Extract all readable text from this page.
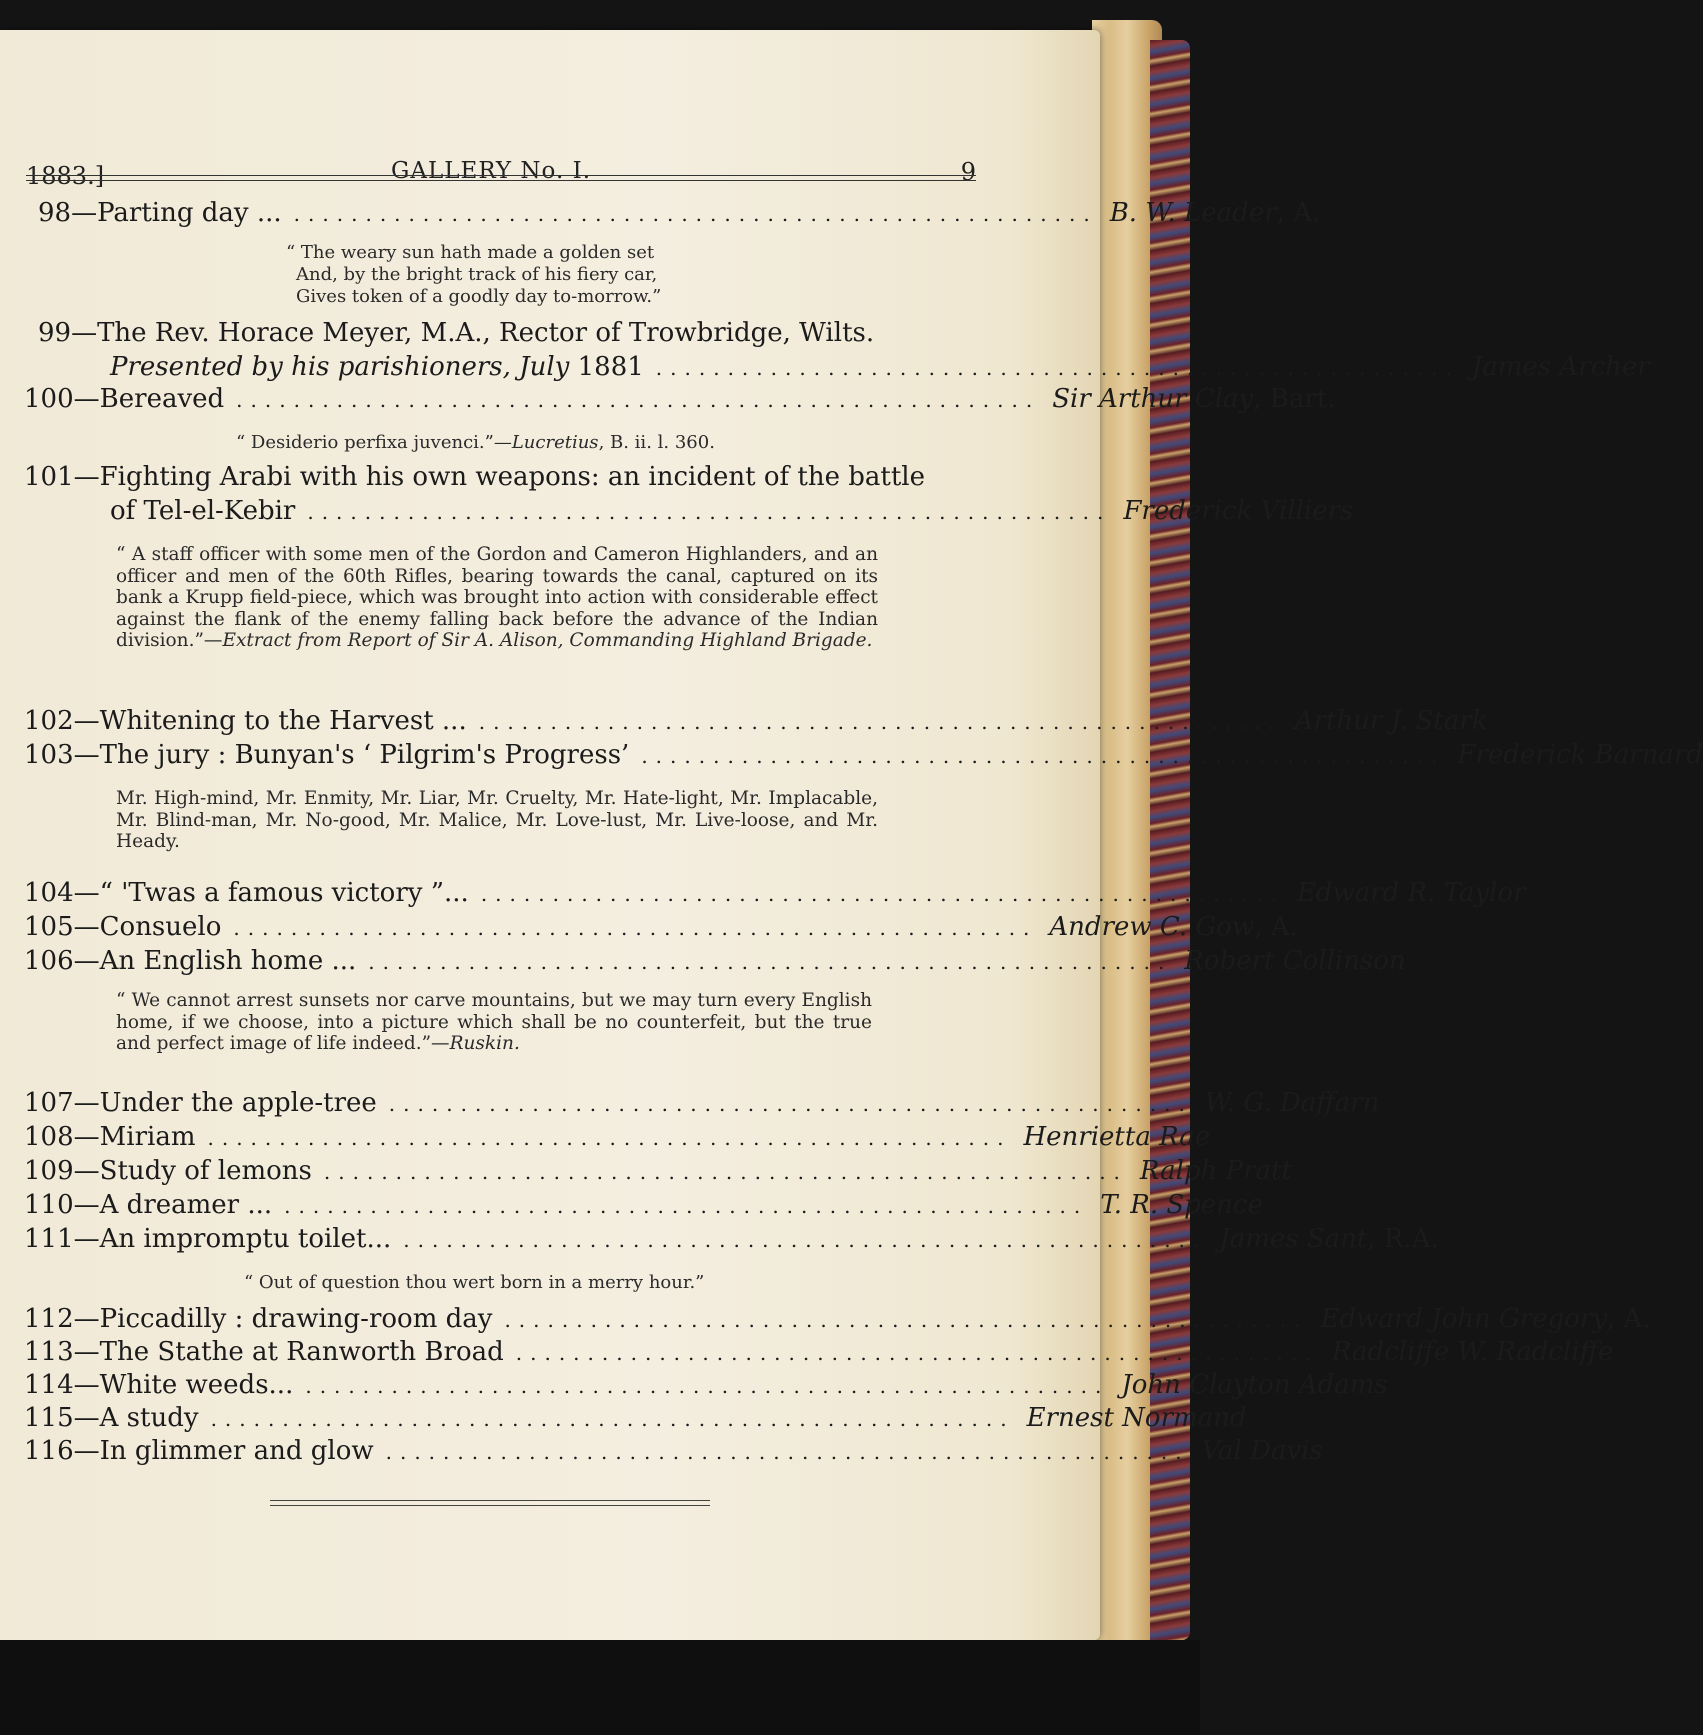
1883.]	GALLERY No. I.	9
98 — Parting day ... ........................................................ B. W. Leader , A.
“ The weary sun hath made a golden set
And, by the bright track of his fiery car,
Gives token of a goodly day to-morrow.”
99 — The Rev. Horace Meyer, M.A., Rector of Trowbridge, Wilts.
Presented by his parishioners, July
1881 ........................................................ James Archer
100 — Bereaved ........................................................ Sir Arthur Clay , Bart.
“ Desiderio perfixa juvenci.”—Lucretius, B. ii. l. 360.
101 — Fighting Arabi with his own weapons: an incident of the battle
of Tel-el-Kebir ........................................................ Frederick Villiers
“ A staff officer with some men of the Gordon and Cameron Highlanders, and an officer and men of the 60th Rifles, bearing towards the canal, captured on its bank a Krupp field-piece, which was brought into action with considerable effect against the flank of the enemy falling back before the advance of the Indian division.”—Extract from Report of Sir A. Alison, Commanding Highland Brigade.
102 — Whitening to the Harvest ... ........................................................ Arthur J. Stark
103 — The jury : Bunyan's ‘ Pilgrim's Progress’ ........................................................ Frederick Barnard
Mr. High-mind, Mr. Enmity, Mr. Liar, Mr. Cruelty, Mr. Hate-light, Mr. Implacable, Mr. Blind-man, Mr. No-good, Mr. Malice, Mr. Love-lust, Mr. Live-loose, and Mr. Heady.
104 — “ 'Twas a famous victory ”... ........................................................ Edward R. Taylor
105 — Consuelo ........................................................ Andrew C. Gow , A.
106 — An English home ... ........................................................ Robert Collinson
“ We cannot arrest sunsets nor carve mountains, but we may turn every English home, if we choose, into a picture which shall be no counterfeit, but the true and perfect image of life indeed.”—Ruskin.
107 — Under the apple-tree ........................................................ W. G. Daffarn
108 — Miriam ........................................................ Henrietta Rae
109 — Study of lemons ........................................................ Ralph Pratt
110 — A dreamer ... ........................................................ T. R. Spence
111 — An impromptu toilet... ........................................................ James Sant , R.A.
“ Out of question thou wert born in a merry hour.”
112 — Piccadilly : drawing-room day ........................................................ Edward John Gregory , A.
113 — The Stathe at Ranworth Broad ........................................................ Radcliffe W. Radcliffe
114 — White weeds... ........................................................ John Clayton Adams
115 — A study ........................................................ Ernest Normand
116 — In glimmer and glow ........................................................ Val Davis
